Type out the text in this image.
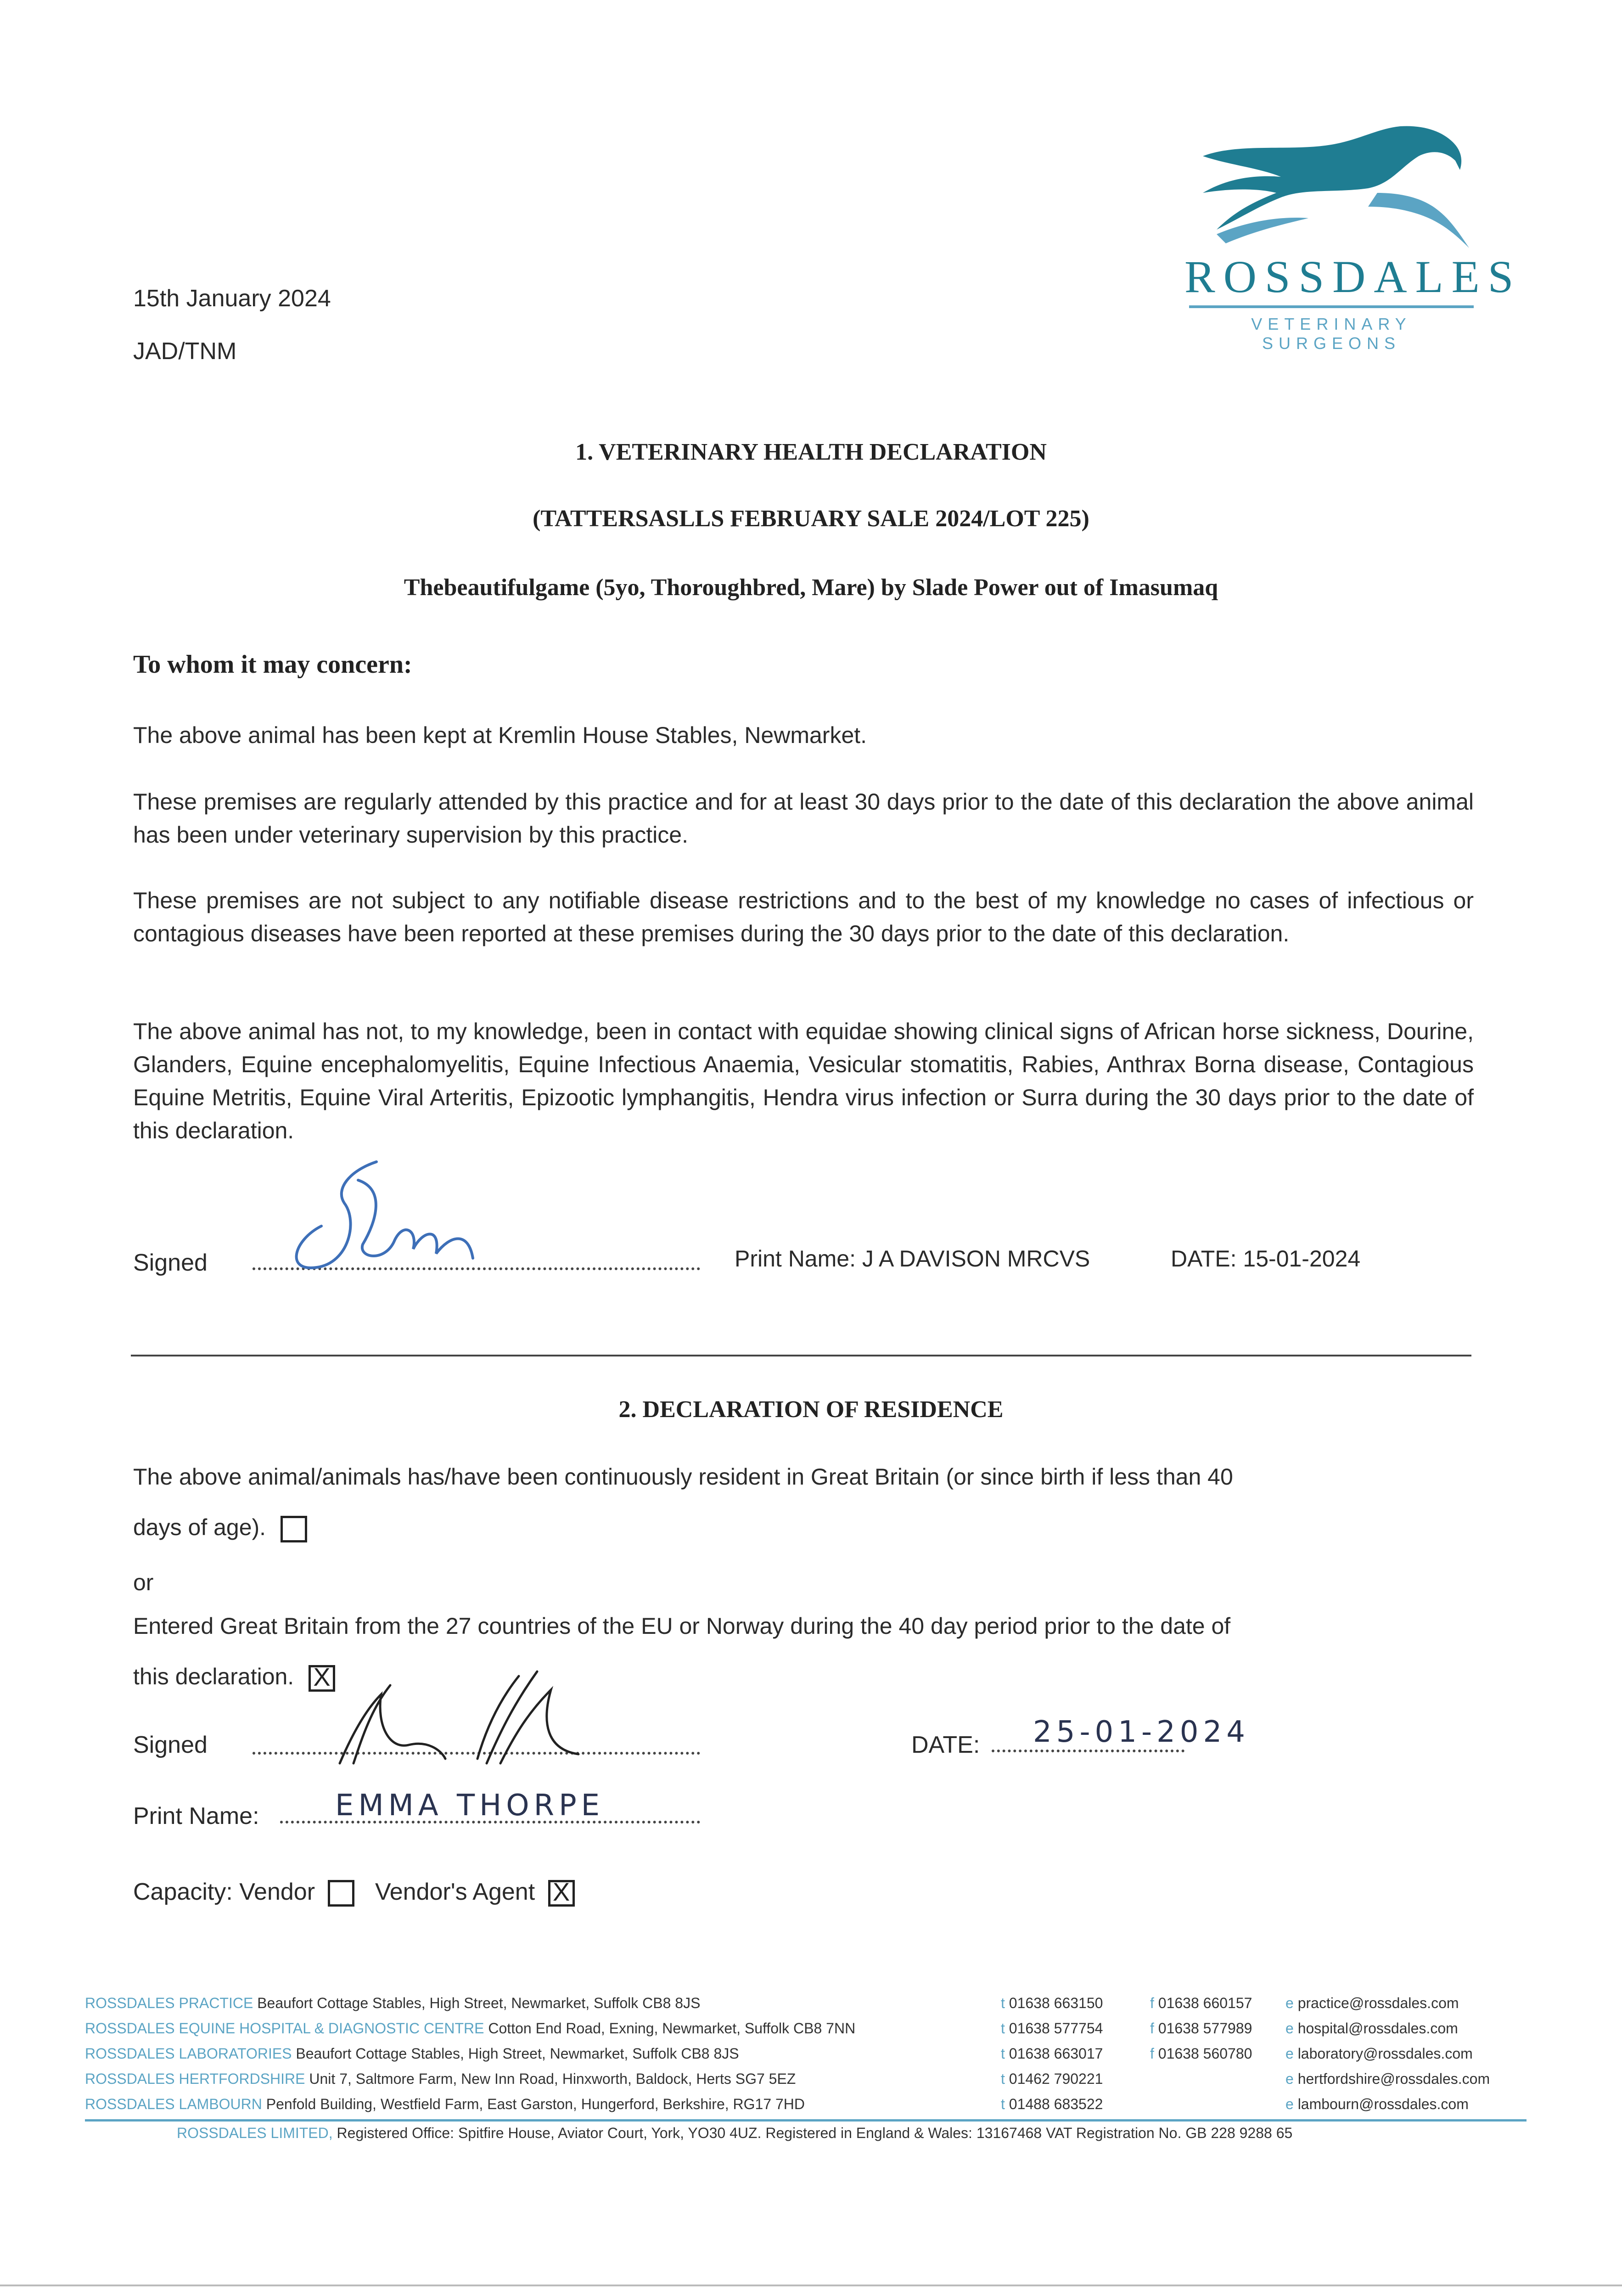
ROSSDALES
VETERINARY SURGEONS
15th January 2024
JAD/TNM
1. VETERINARY HEALTH DECLARATION
(TATTERSASLLS FEBRUARY SALE 2024/LOT 225)
Thebeautifulgame (5yo, Thoroughbred, Mare) by Slade Power out of Imasumaq
To whom it may concern:
The above animal has been kept at Kremlin House Stables, Newmarket.
These premises are regularly attended by this practice and for at least 30 days prior to the date of this declaration the above animal has been under veterinary supervision by this practice.
These premises are not subject to any notifiable disease restrictions and to the best of my knowledge no cases of infectious or contagious diseases have been reported at these premises during the 30 days prior to the date of this declaration.
The above animal has not, to my knowledge, been in contact with equidae showing clinical signs of African horse sickness, Dourine, Glanders, Equine encephalomyelitis, Equine Infectious Anaemia, Vesicular stomatitis, Rabies, Anthrax Borna disease, Contagious Equine Metritis, Equine Viral Arteritis, Epizootic lymphangitis, Hendra virus infection or Surra during the 30 days prior to the date of this declaration.
Signed	Print Name: J A DAVISON MRCVS	DATE: 15-01-2024
2. DECLARATION OF RESIDENCE
The above animal/animals has/have been continuously resident in Great Britain (or since birth if less than 40
days of age).
or
Entered Great Britain from the 27 countries of the EU or Norway during the 40 day period prior to the date of
this declaration. X
Signed	DATE: 25-01-2024
Print Name:	EMMA THORPE
Capacity: Vendor	Vendor's Agent X
ROSSDALES PRACTICE Beaufort Cottage Stables, High Street, Newmarket, Suffolk CB8 8JS	t 01638 663150	f 01638 660157 e practice@rossdales.com
ROSSDALES EQUINE HOSPITAL & DIAGNOSTIC CENTRE Cotton End Road, Exning, Newmarket, Suffolk CB8 7NN	t 01638 577754	f 01638 577989 e hospital@rossdales.com
ROSSDALES LABORATORIES Beaufort Cottage Stables, High Street, Newmarket, Suffolk CB8 8JS	t 01638 663017	f 01638 560780 e laboratory@rossdales.com
ROSSDALES HERTFORDSHIRE Unit 7, Saltmore Farm, New Inn Road, Hinxworth, Baldock, Herts SG7 5EZ	t 01462 790221	e hertfordshire@rossdales.com
ROSSDALES LAMBOURN Penfold Building, Westfield Farm, East Garston, Hungerford, Berkshire, RG17 7HD	t 01488 683522	e lambourn@rossdales.com
ROSSDALES LIMITED, Registered Office: Spitfire House, Aviator Court, York, YO30 4UZ. Registered in England & Wales: 13167468 VAT Registration No. GB 228 9288 65
